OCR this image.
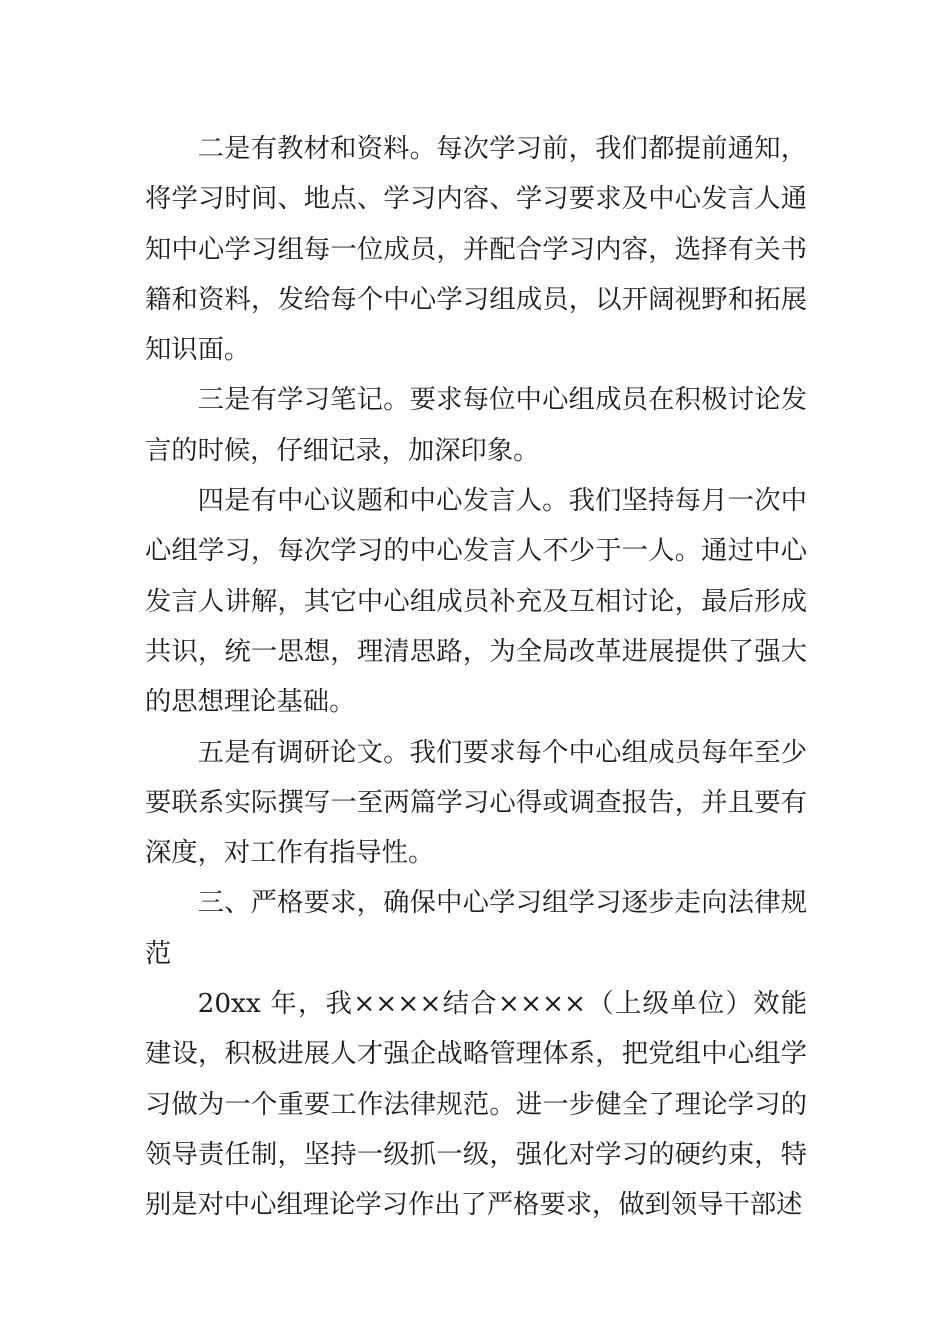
二是有教材和资料。每次学习前，我们都提前通知，将学习时间、地点、学习内容、学习要求及中心发言人通知中心学习组每一位成员，并配合学习内容，选择有关书籍和资料，发给每个中心学习组成员，以开阔视野和拓展知识面。

三是有学习笔记。要求每位中心组成员在积极讨论发言的时候，仔细记录，加深印象。

四是有中心议题和中心发言人。我们坚持每月一次中心组学习，每次学习的中心发言人不少于一人。通过中心发言人讲解，其它中心组成员补充及互相讨论，最后形成共识，统一思想，理清思路，为全局改革进展提供了强大的思想理论基础。

五是有调研论文。我们要求每个中心组成员每年至少要联系实际撰写一至两篇学习心得或调查报告，并且要有深度，对工作有指导性。

三、严格要求，确保中心学习组学习逐步走向法律规范

20xx 年，我××××结合××××（上级单位）效能建设，积极进展人才强企战略管理体系，把党组中心组学习做为一个重要工作法律规范。进一步健全了理论学习的领导责任制，坚持一级抓一级，强化对学习的硬约束，特别是对中心组理论学习作出了严格要求，做到领导干部述
